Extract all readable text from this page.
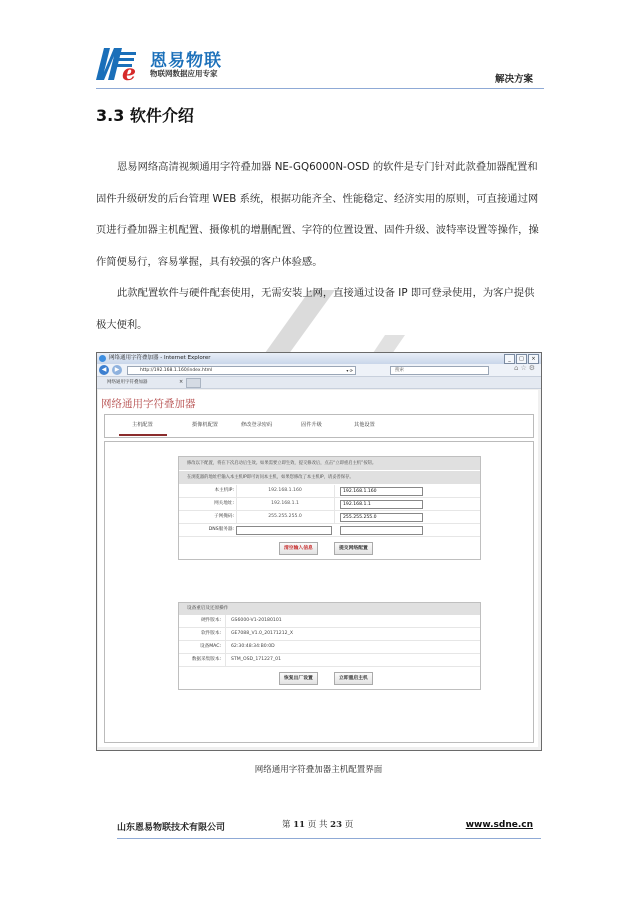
e 恩易物联
物联网数据应用专家
解决方案
3.3 软件介绍

恩易网络高清视频通用字符叠加器 NE-GQ6000N-OSD 的软件是专门针对此款叠加器配置和固件升级研发的后台管理 WEB 系统，根据功能齐全、性能稳定、经济实用的原则，可直接通过网页进行叠加器主机配置、摄像机的增删配置、字符的位置设置、固件升级、波特率设置等操作，操作简便易行，容易掌握，具有较强的客户体验感。

此款配置软件与硬件配套使用，无需安装上网，直接通过设备 IP 即可登录使用，为客户提供极大便利。

网络通用字符叠加器 - Internet Explorer	_	□	×
◀	▶	http://192.168.1.160/index.html	▾ ⟳	搜索	⌂☆⚙
网络通用字符叠加器	×
网络通用字符叠加器
主机配置	摄像机配置	修改登录密码	固件升级	其他设置
修改以下配置，将在下次启动后生效。如果需要立即生效，提交修改后，点击“立即重启主机”按钮。
在浏览器的地址栏输入本主机IP即可访问本主机，如果您修改了本主机IP，请妥善保存。
本主机IP:	192.168.1.160	192.168.1.160
网关地址:	192.168.1.1	192.168.1.1
子网掩码:	255.255.255.0	255.255.255.0
DNS服务器:
清空输入信息	提交网络配置
设备重启及还原操作
硬件版本: GS6000-V1-20180101
软件版本: GE7088_V1.0_20171212_X
设备MAC: 62:30:48:34:B0:0D
数据采集版本: STM_OSD_171227_01
恢复出厂设置	立即重启主机
网络通用字符叠加器主机配置界面
山东恩易物联技术有限公司	第 11 页 共 23 页	www.sdne.cn
